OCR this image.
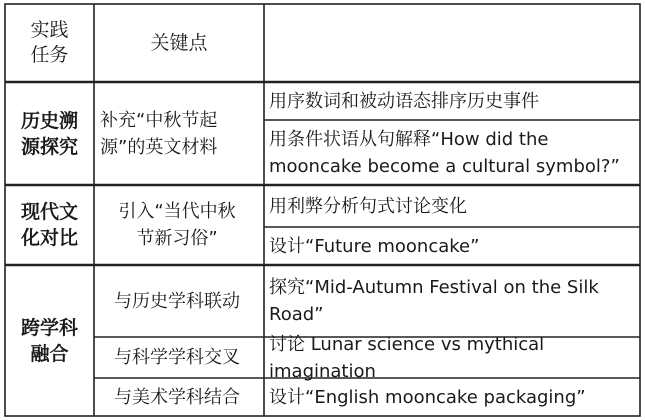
实践
任务
关键点
历史溯
源探究
补充“中秋节起
源”的英文材料
用序数词和被动语态排序历史事件
用条件状语从句解释“How did the mooncake become a cultural symbol?”
现代文
化对比
引入“当代中秋
节新习俗”
用利弊分析句式讨论变化
设计“Future mooncake”
跨学科
融合
与历史学科联动
探究“Mid-Autumn Festival on the Silk Road”
与科学学科交叉
讨论 Lunar science vs mythical imagination
与美术学科结合	设计“English mooncake packaging”
